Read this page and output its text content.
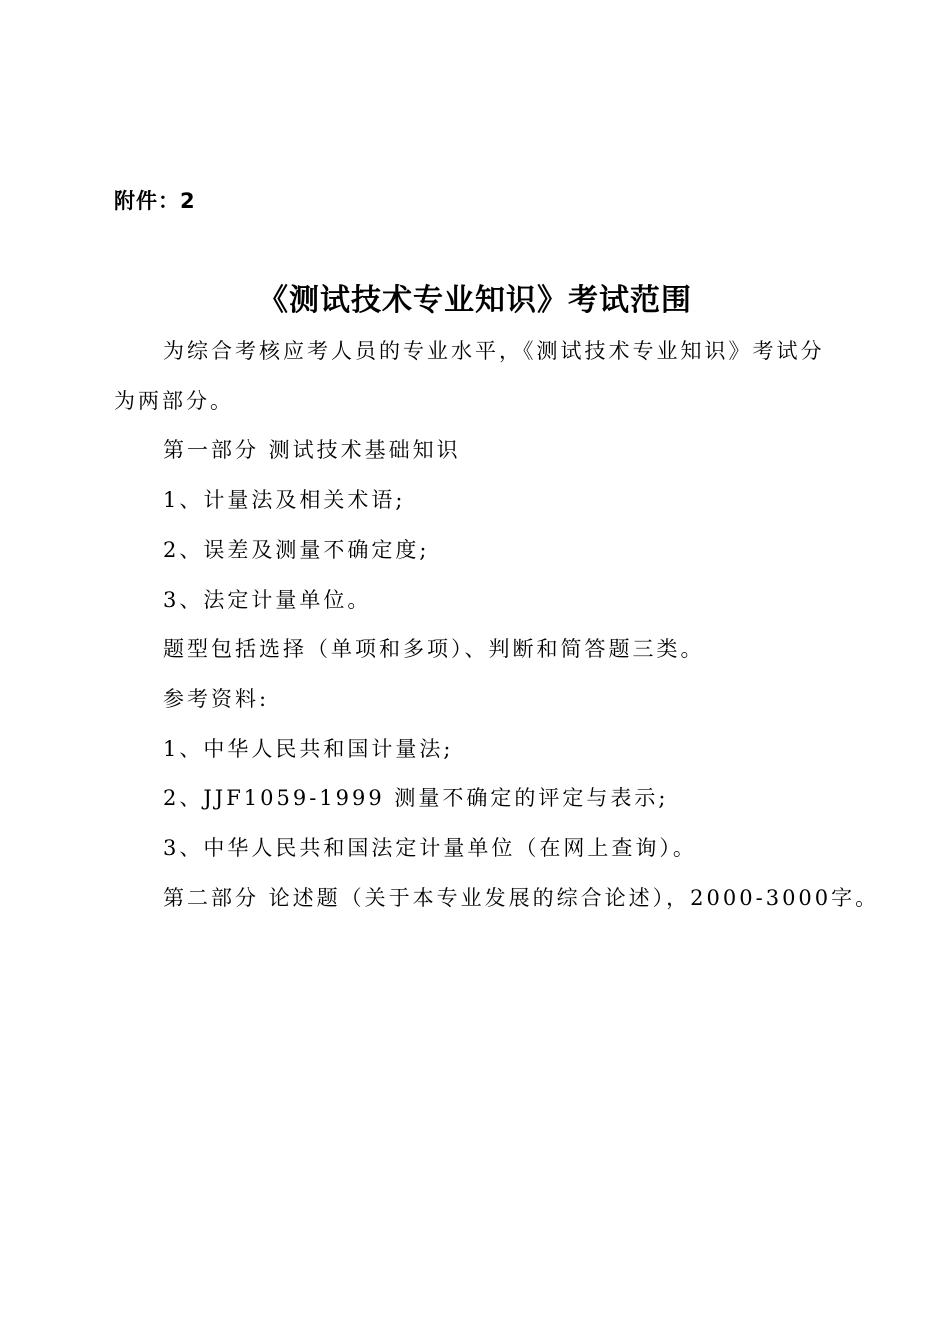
附件：2
《测试技术专业知识》考试范围
为综合考核应考人员的专业水平，《测试技术专业知识》考试分
为两部分。
第一部分 测试技术基础知识
1、计量法及相关术语;
2、误差及测量不确定度;
3、法定计量单位。
题型包括选择（单项和多项）、判断和简答题三类。
参考资料:
1、中华人民共和国计量法;
2、JJF1059-1999 测量不确定的评定与表示;
3、中华人民共和国法定计量单位（在网上查询）。
第二部分 论述题（关于本专业发展的综合论述），2000-3000字。
